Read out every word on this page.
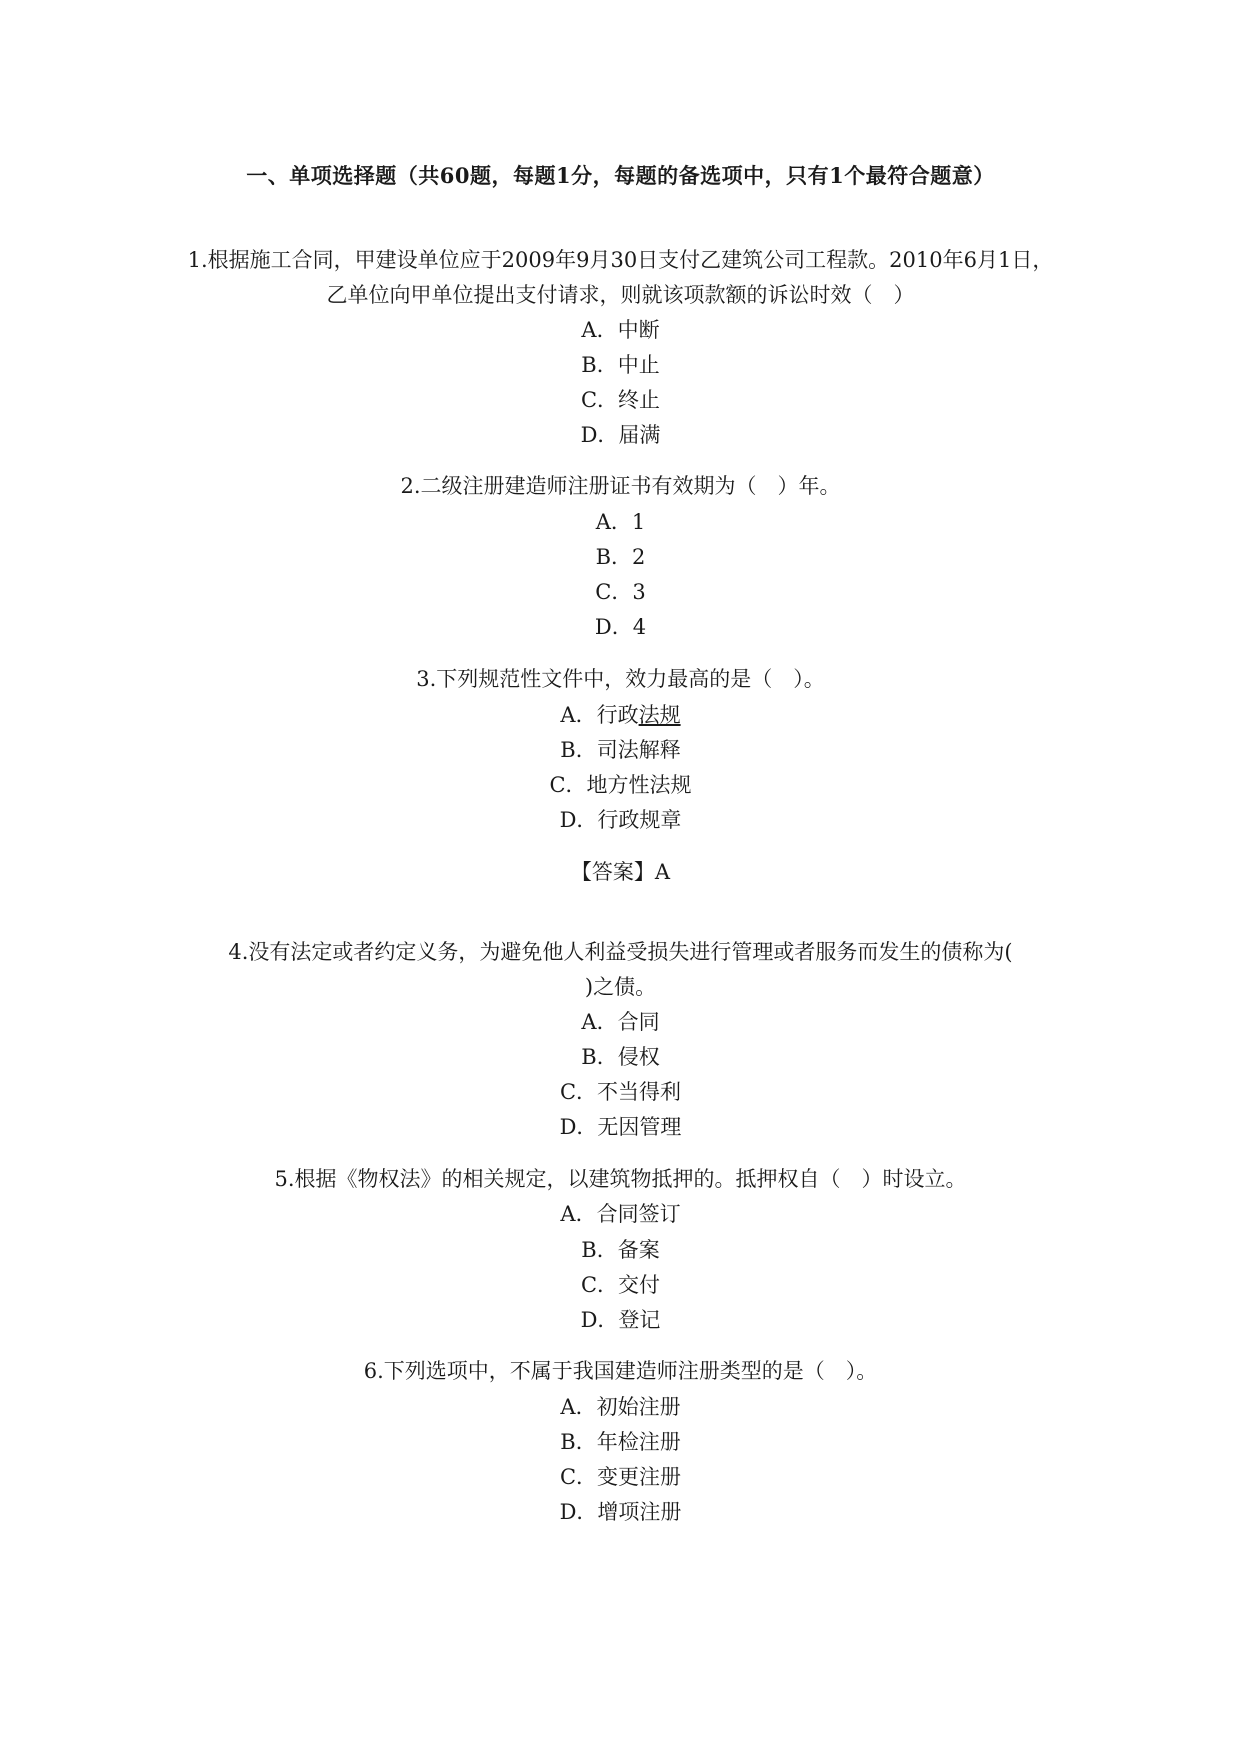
一、单项选择题（共60题，每题1分，每题的备选项中，只有1个最符合题意）
1.根据施工合同，甲建设单位应于2009年9月30日支付乙建筑公司工程款。2010年6月1日，
乙单位向甲单位提出支付请求，则就该项款额的诉讼时效（　）
A．中断
B．中止
C．终止
D．届满
2.二级注册建造师注册证书有效期为（　）年。
A．1
B．2
C．3
D．4
3.下列规范性文件中，效力最高的是（　）。
A．行政法规
B．司法解释
C．地方性法规
D．行政规章
【答案】A
4.没有法定或者约定义务，为避免他人利益受损失进行管理或者服务而发生的债称为(
)之债。
A．合同
B．侵权
C．不当得利
D．无因管理
5.根据《物权法》的相关规定，以建筑物抵押的。抵押权自（　）时设立。
A．合同签订
B．备案
C．交付
D．登记
6.下列选项中，不属于我国建造师注册类型的是（　）。
A．初始注册
B．年检注册
C．变更注册
D．增项注册
